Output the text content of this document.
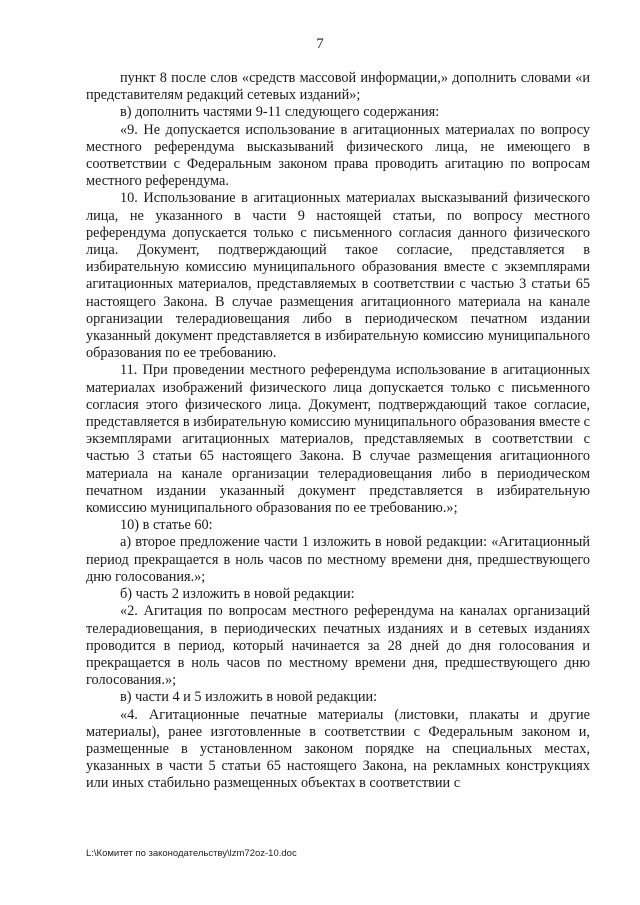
7

пункт 8 после слов «средств массовой информации,» дополнить словами «и представителям редакций сетевых изданий»;

в) дополнить частями 9-11 следующего содержания:

«9. Не допускается использование в агитационных материалах по вопросу местного референдума высказываний физического лица, не имеющего в соответствии с Федеральным законом права проводить агитацию по вопросам местного референдума.

10. Использование в агитационных материалах высказываний физического лица, не указанного в части 9 настоящей статьи, по вопросу местного референдума допускается только с письменного согласия данного физического лица. Документ, подтверждающий такое согласие, представляется в избирательную комиссию муниципального образования вместе с экземплярами агитационных материалов, представляемых в соответствии с частью 3 статьи 65 настоящего Закона. В случае размещения агитационного материала на канале организации телерадиовещания либо в периодическом печатном издании указанный документ представляется в избирательную комиссию муниципального образования по ее требованию.

11. При проведении местного референдума использование в агитационных материалах изображений физического лица допускается только с письменного согласия этого физического лица. Документ, подтверждающий такое согласие, представляется в избирательную комиссию муниципального образования вместе с экземплярами агитационных материалов, представляемых в соответствии с частью 3 статьи 65 настоящего Закона. В случае размещения агитационного материала на канале организации телерадиовещания либо в периодическом печатном издании указанный документ представляется в избирательную комиссию муниципального образования по ее требованию.»;

10) в статье 60:

а) второе предложение части 1 изложить в новой редакции: «Агитационный период прекращается в ноль часов по местному времени дня, предшествующего дню голосования.»;

б) часть 2 изложить в новой редакции:

«2. Агитация по вопросам местного референдума на каналах организаций телерадиовещания, в периодических печатных изданиях и в сетевых изданиях проводится в период, который начинается за 28 дней до дня голосования и прекращается в ноль часов по местному времени дня, предшествующего дню голосования.»;

в) части 4 и 5 изложить в новой редакции:

«4. Агитационные печатные материалы (листовки, плакаты и другие материалы), ранее изготовленные в соответствии с Федеральным законом и, размещенные в установленном законом порядке на специальных местах, указанных в части 5 статьи 65 настоящего Закона, на рекламных конструкциях или иных стабильно размещенных объектах в соответствии с

L:\Комитет по законодательству\lzm72oz-10.doc
